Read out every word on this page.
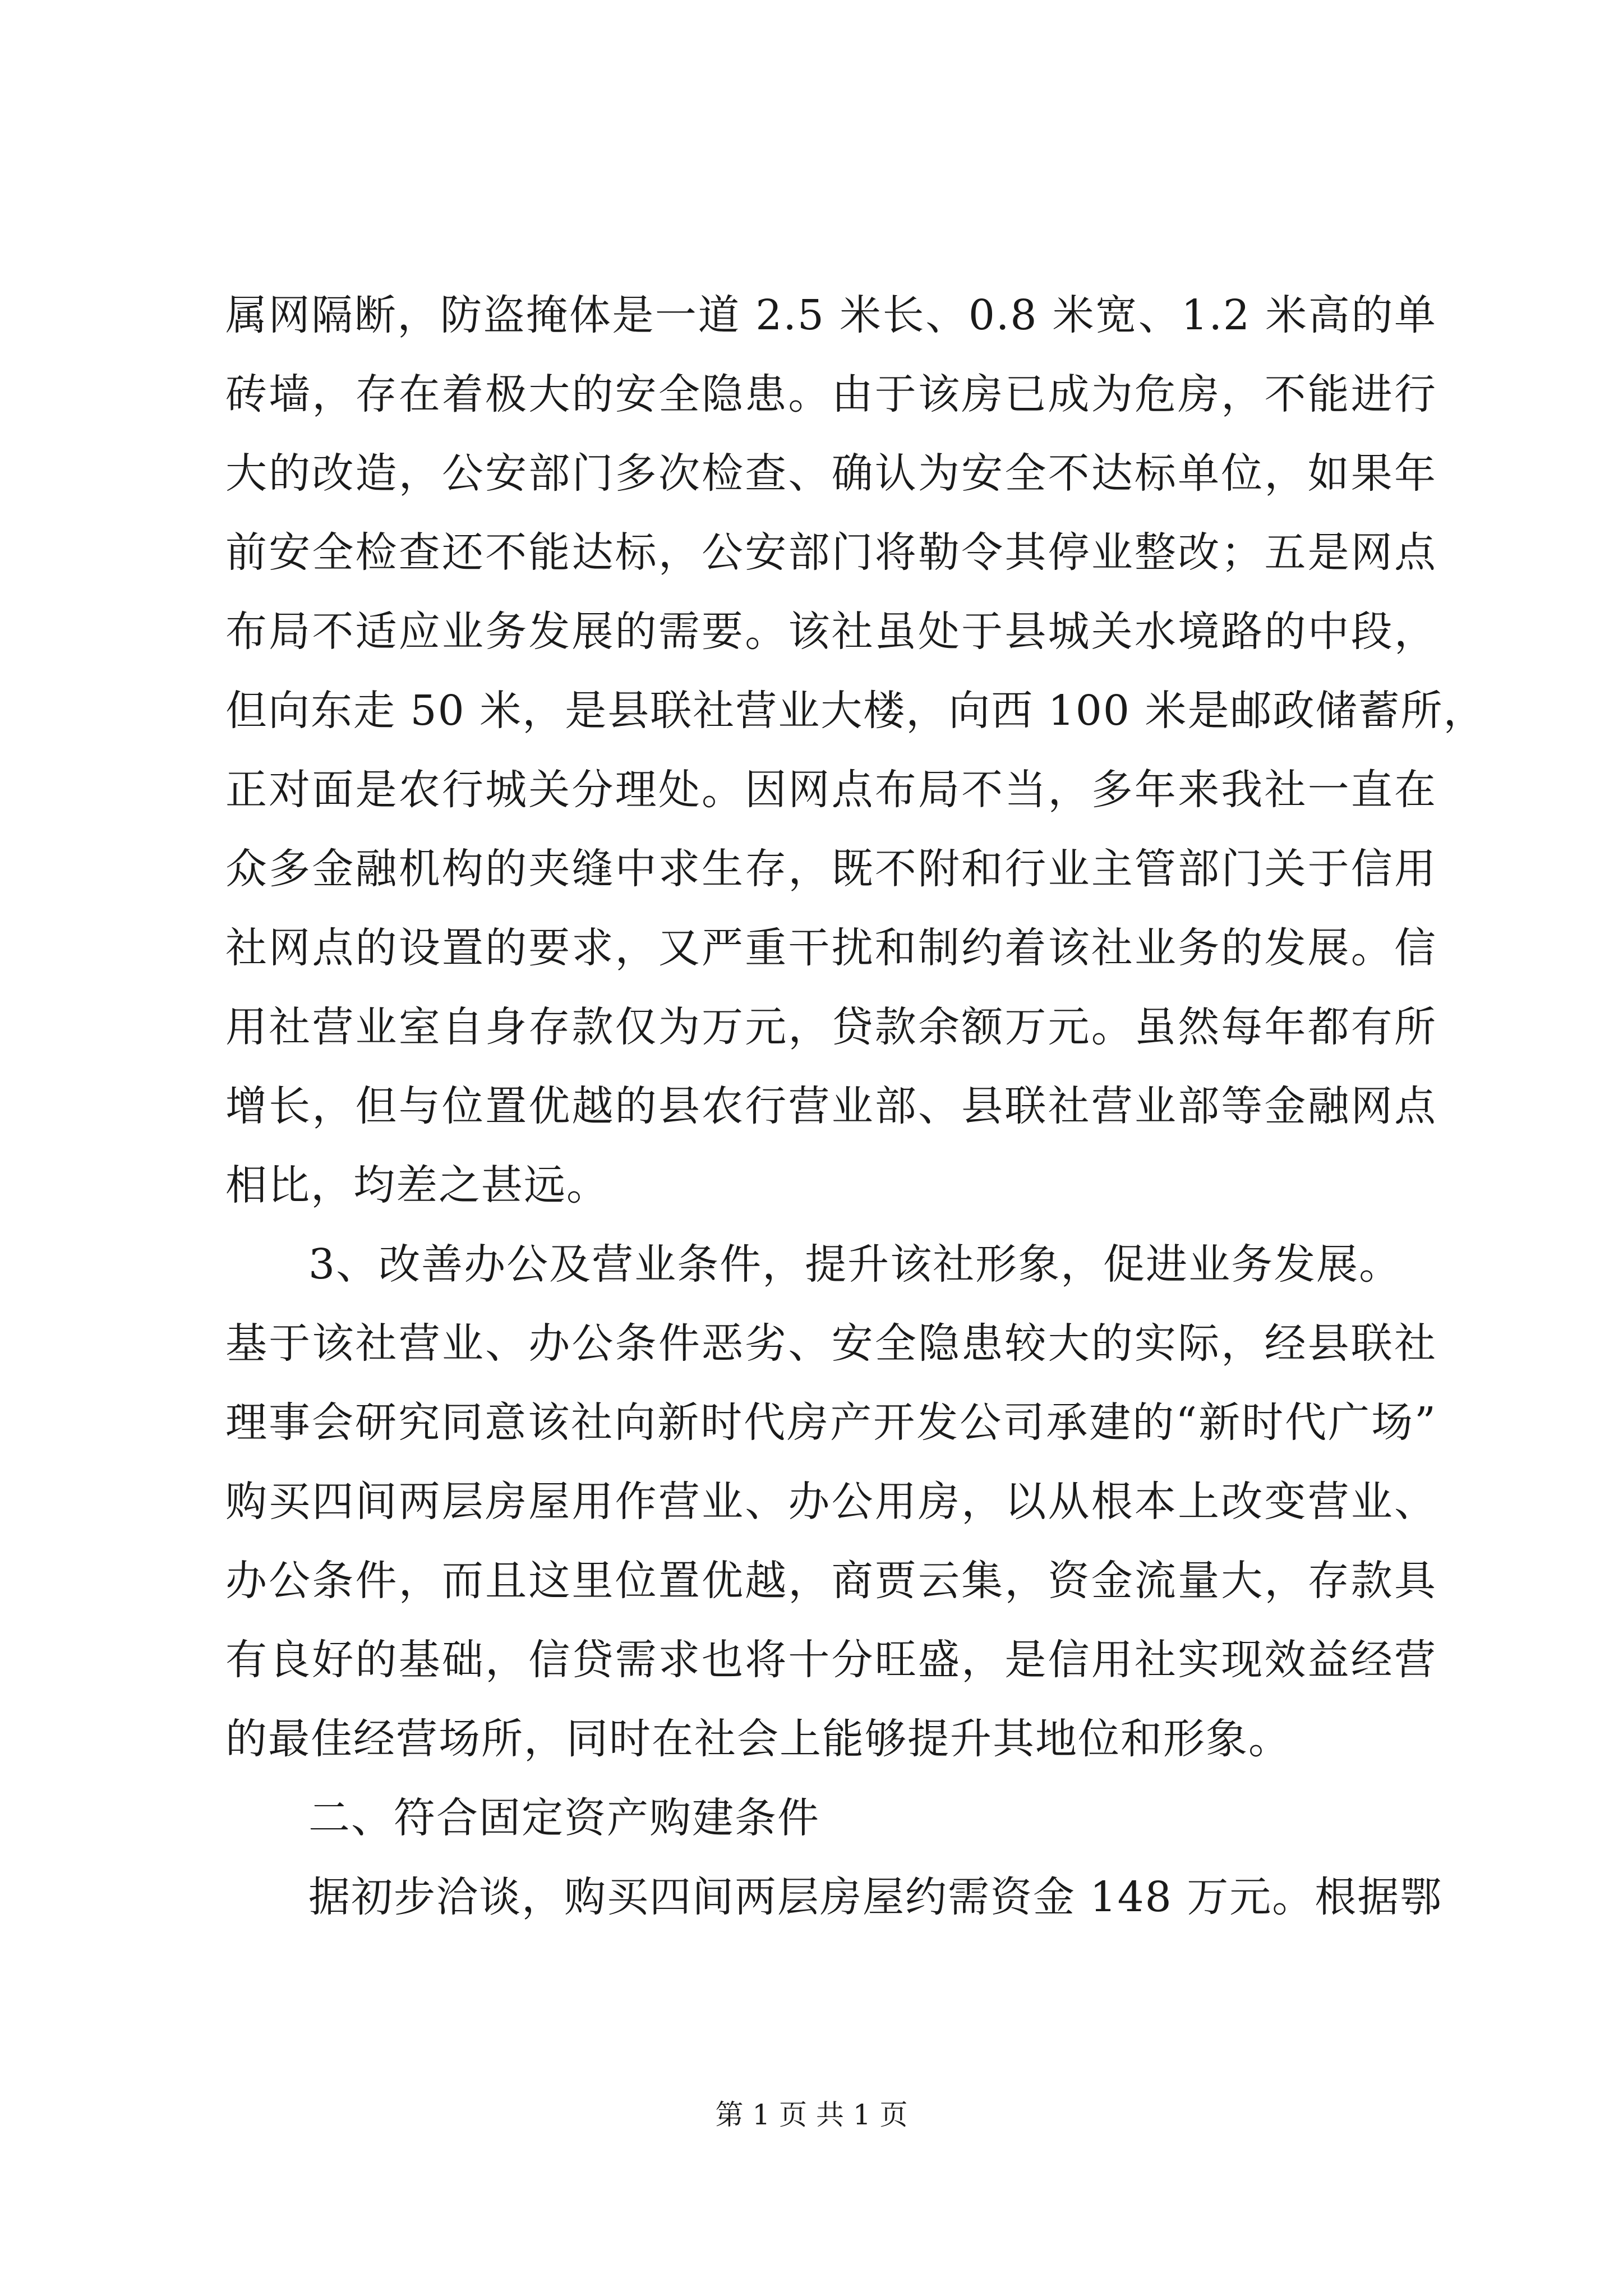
属网隔断，防盗掩体是一道 2.5 米长、0.8 米宽、1.2 米高的单
砖墙，存在着极大的安全隐患。由于该房已成为危房，不能进行
大的改造，公安部门多次检查、确认为安全不达标单位，如果年
前安全检查还不能达标，公安部门将勒令其停业整改；五是网点
布局不适应业务发展的需要。该社虽处于县城关水境路的中段，
但向东走 50 米，是县联社营业大楼，向西 100 米是邮政储蓄所，
正对面是农行城关分理处。因网点布局不当，多年来我社一直在
众多金融机构的夹缝中求生存，既不附和行业主管部门关于信用
社网点的设置的要求，又严重干扰和制约着该社业务的发展。信
用社营业室自身存款仅为万元，贷款余额万元。虽然每年都有所
增长，但与位置优越的县农行营业部、县联社营业部等金融网点
相比，均差之甚远。
3、改善办公及营业条件，提升该社形象，促进业务发展。
基于该社营业、办公条件恶劣、安全隐患较大的实际，经县联社
理事会研究同意该社向新时代房产开发公司承建的“新时代广场”
购买四间两层房屋用作营业、办公用房，以从根本上改变营业、
办公条件，而且这里位置优越，商贾云集，资金流量大，存款具
有良好的基础，信贷需求也将十分旺盛，是信用社实现效益经营
的最佳经营场所，同时在社会上能够提升其地位和形象。
二、符合固定资产购建条件
据初步洽谈，购买四间两层房屋约需资金 148 万元。根据鄂
第 1 页 共 1 页
